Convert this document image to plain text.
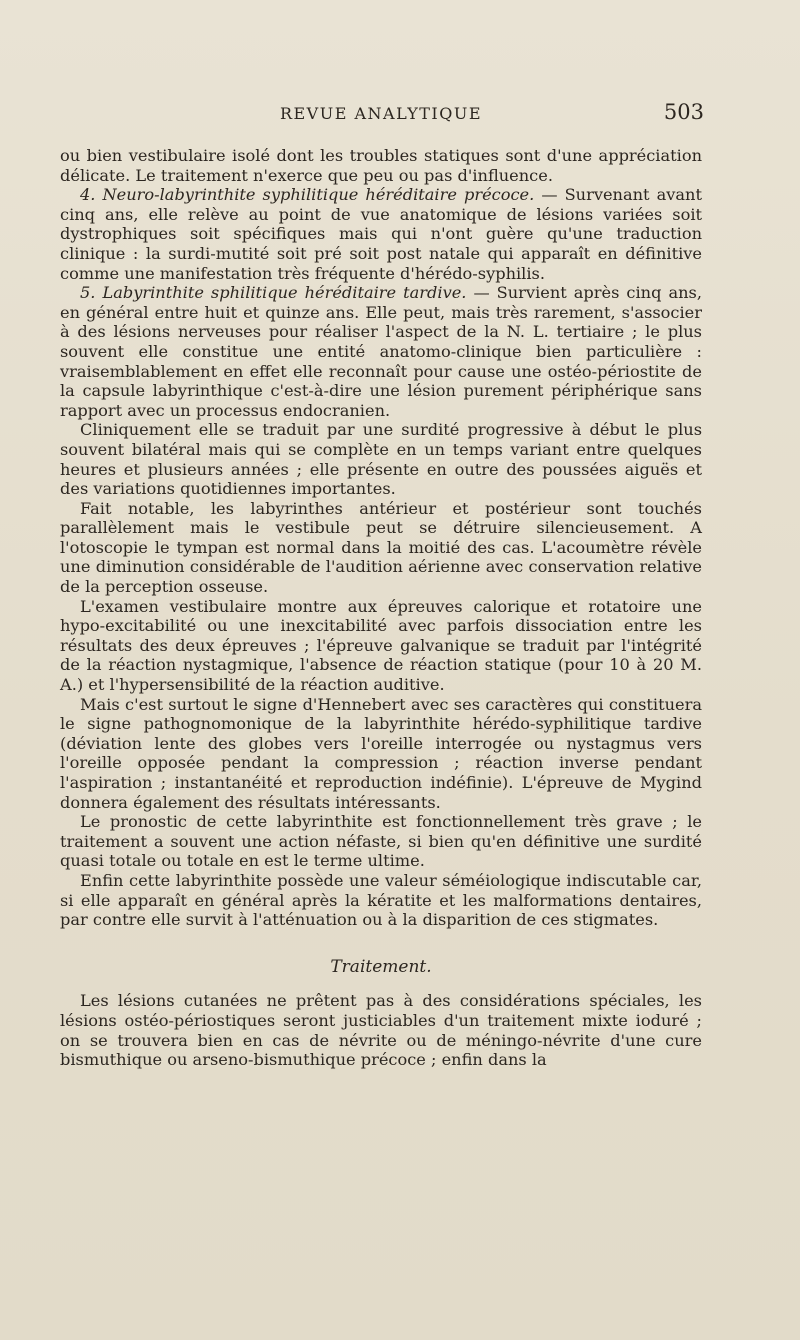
REVUE ANALYTIQUE	503

ou bien vestibulaire isolé dont les troubles statiques sont d'une appréciation délicate. Le traitement n'exerce que peu ou pas d'influence.

4. Neuro-labyrinthite syphilitique héréditaire précoce. — Survenant avant cinq ans, elle relève au point de vue anatomique de lésions variées soit dystrophiques soit spécifiques mais qui n'ont guère qu'une traduction clinique : la surdi-mutité soit pré soit post natale qui apparaît en définitive comme une manifestation très fréquente d'hérédo-syphilis.

5. Labyrinthite sphilitique héréditaire tardive. — Survient après cinq ans, en général entre huit et quinze ans. Elle peut, mais très rarement, s'associer à des lésions nerveuses pour réaliser l'aspect de la N. L. tertiaire ; le plus souvent elle constitue une entité anatomo-clinique bien particulière : vraisemblablement en effet elle reconnaît pour cause une ostéo-périostite de la capsule labyrinthique c'est-à-dire une lésion purement périphérique sans rapport avec un processus endocranien.

Cliniquement elle se traduit par une surdité progressive à début le plus souvent bilatéral mais qui se complète en un temps variant entre quelques heures et plusieurs années ; elle présente en outre des poussées aiguës et des variations quotidiennes importantes.

Fait notable, les labyrinthes antérieur et postérieur sont touchés parallèlement mais le vestibule peut se détruire silencieusement. A l'otoscopie le tympan est normal dans la moitié des cas. L'acoumètre révèle une diminution considérable de l'audition aérienne avec conservation relative de la perception osseuse.

L'examen vestibulaire montre aux épreuves calorique et rotatoire une hypo-excitabilité ou une inexcitabilité avec parfois dissociation entre les résultats des deux épreuves ; l'épreuve galvanique se traduit par l'intégrité de la réaction nystagmique, l'absence de réaction statique (pour 10 à 20 M. A.) et l'hypersensibilité de la réaction auditive.

Mais c'est surtout le signe d'Hennebert avec ses caractères qui constituera le signe pathognomonique de la labyrinthite hérédo-syphilitique tardive (déviation lente des globes vers l'oreille interrogée ou nystagmus vers l'oreille opposée pendant la compression ; réaction inverse pendant l'aspiration ; instantanéité et reproduction indéfinie). L'épreuve de Mygind donnera également des résultats intéressants.

Le pronostic de cette labyrinthite est fonctionnellement très grave ; le traitement a souvent une action néfaste, si bien qu'en définitive une surdité quasi totale ou totale en est le terme ultime.

Enfin cette labyrinthite possède une valeur séméiologique indiscutable car, si elle apparaît en général après la kératite et les malformations dentaires, par contre elle survit à l'atténuation ou à la disparition de ces stigmates.

Traitement.

Les lésions cutanées ne prêtent pas à des considérations spéciales, les lésions ostéo-périostiques seront justiciables d'un traitement mixte ioduré ; on se trouvera bien en cas de névrite ou de méningo-névrite d'une cure bismuthique ou arseno-bismuthique précoce ; enfin dans la
